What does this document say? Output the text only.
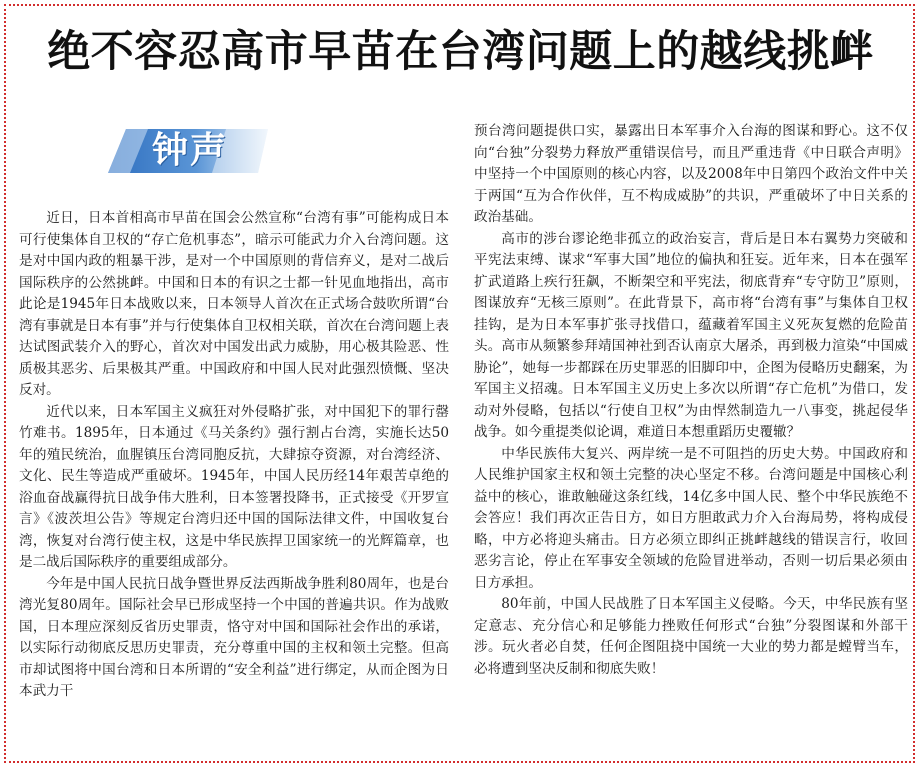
绝不容忍高市早苗在台湾问题上的越线挑衅
钟声

近日，日本首相高市早苗在国会公然宣称“台湾有事”可能构成日本可行使集体自卫权的“存亡危机事态”，暗示可能武力介入台湾问题。这是对中国内政的粗暴干涉，是对一个中国原则的背信弃义，是对二战后国际秩序的公然挑衅。中国和日本的有识之士都一针见血地指出，高市此论是1945年日本战败以来，日本领导人首次在正式场合鼓吹所谓“台湾有事就是日本有事”并与行使集体自卫权相关联，首次在台湾问题上表达试图武装介入的野心，首次对中国发出武力威胁，用心极其险恶、性质极其恶劣、后果极其严重。中国政府和中国人民对此强烈愤慨、坚决反对。

近代以来，日本军国主义疯狂对外侵略扩张，对中国犯下的罪行罄竹难书。1895年，日本通过《马关条约》强行割占台湾，实施长达50年的殖民统治，血腥镇压台湾同胞反抗，大肆掠夺资源，对台湾经济、文化、民生等造成严重破坏。1945年，中国人民历经14年艰苦卓绝的浴血奋战赢得抗日战争伟大胜利，日本签署投降书，正式接受《开罗宣言》《波茨坦公告》等规定台湾归还中国的国际法律文件，中国收复台湾，恢复对台湾行使主权，这是中华民族捍卫国家统一的光辉篇章，也是二战后国际秩序的重要组成部分。

今年是中国人民抗日战争暨世界反法西斯战争胜利80周年，也是台湾光复80周年。国际社会早已形成坚持一个中国的普遍共识。作为战败国，日本理应深刻反省历史罪责，恪守对中国和国际社会作出的承诺，以实际行动彻底反思历史罪责，充分尊重中国的主权和领土完整。但高市却试图将中国台湾和日本所谓的“安全利益”进行绑定，从而企图为日本武力干

预台湾问题提供口实，暴露出日本军事介入台海的图谋和野心。这不仅向“台独”分裂势力释放严重错误信号，而且严重违背《中日联合声明》中坚持一个中国原则的核心内容，以及2008年中日第四个政治文件中关于两国“互为合作伙伴，互不构成威胁”的共识，严重破坏了中日关系的政治基础。

高市的涉台谬论绝非孤立的政治妄言，背后是日本右翼势力突破和平宪法束缚、谋求“军事大国”地位的偏执和狂妄。近年来，日本在强军扩武道路上疾行狂飙，不断架空和平宪法，彻底背弃“专守防卫”原则，图谋放弃“无核三原则”。在此背景下，高市将“台湾有事”与集体自卫权挂钩，是为日本军事扩张寻找借口，蕴藏着军国主义死灰复燃的危险苗头。高市从频繁参拜靖国神社到否认南京大屠杀，再到极力渲染“中国威胁论”，她每一步都踩在历史罪恶的旧脚印中，企图为侵略历史翻案，为军国主义招魂。日本军国主义历史上多次以所谓“存亡危机”为借口，发动对外侵略，包括以“行使自卫权”为由悍然制造九一八事变，挑起侵华战争。如今重提类似论调，难道日本想重蹈历史覆辙？

中华民族伟大复兴、两岸统一是不可阻挡的历史大势。中国政府和人民维护国家主权和领土完整的决心坚定不移。台湾问题是中国核心利益中的核心，谁敢触碰这条红线，14亿多中国人民、整个中华民族绝不会答应！我们再次正告日方，如日方胆敢武力介入台海局势，将构成侵略，中方必将迎头痛击。日方必须立即纠正挑衅越线的错误言行，收回恶劣言论，停止在军事安全领域的危险冒进举动，否则一切后果必须由日方承担。

80年前，中国人民战胜了日本军国主义侵略。今天，中华民族有坚定意志、充分信心和足够能力挫败任何形式“台独”分裂图谋和外部干涉。玩火者必自焚，任何企图阻挠中国统一大业的势力都是螳臂当车，必将遭到坚决反制和彻底失败！
